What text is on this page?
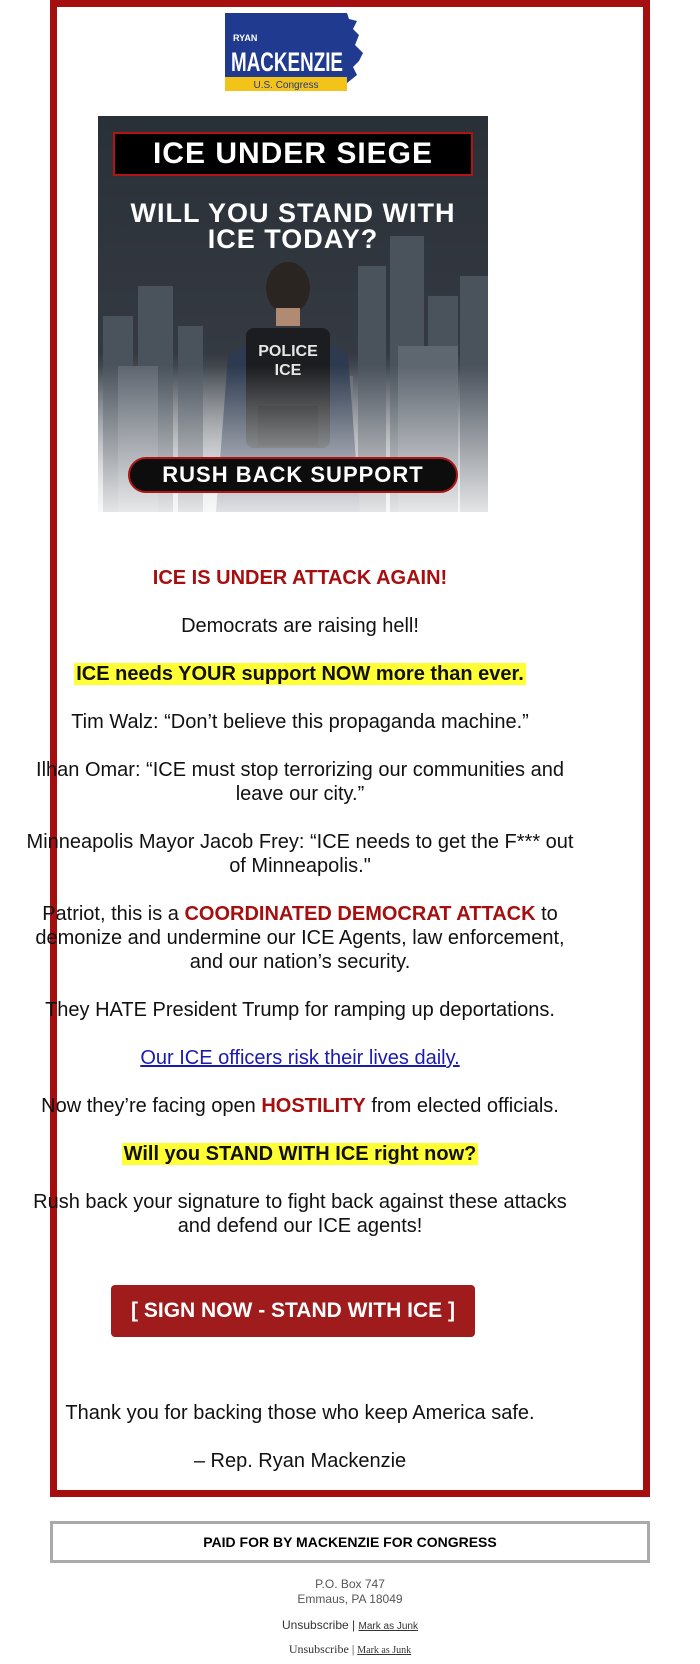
RYAN
MACKENZIE
U.S. Congress
POLICE
ICE UNDER SIEGE
WILL YOU STAND WITH
ICE TODAY?
RUSH BACK SUPPORT
ICE IS UNDER ATTACK AGAIN!
Democrats are raising hell!
ICE needs YOUR support NOW more than ever.
Tim Walz: “Don’t believe this propaganda machine.”
Ilhan Omar: “ICE must stop terrorizing our communities and
leave our city.”
Minneapolis Mayor Jacob Frey: “ICE needs to get the F*** out
of Minneapolis."
Patriot, this is a COORDINATED DEMOCRAT ATTACK to
demonize and undermine our ICE Agents, law enforcement,
and our nation’s security.
They HATE President Trump for ramping up deportations.
Our ICE officers risk their lives daily.
Now they’re facing open HOSTILITY from elected officials.
Will you STAND WITH ICE right now?
Rush back your signature to fight back against these attacks
and defend our ICE agents!
[ SIGN NOW - STAND WITH ICE ]
Thank you for backing those who keep America safe.
– Rep. Ryan Mackenzie
PAID FOR BY MACKENZIE FOR CONGRESS
P.O. Box 747
Emmaus, PA 18049
Unsubscribe | Mark as Junk
Unsubscribe | Mark as Junk
